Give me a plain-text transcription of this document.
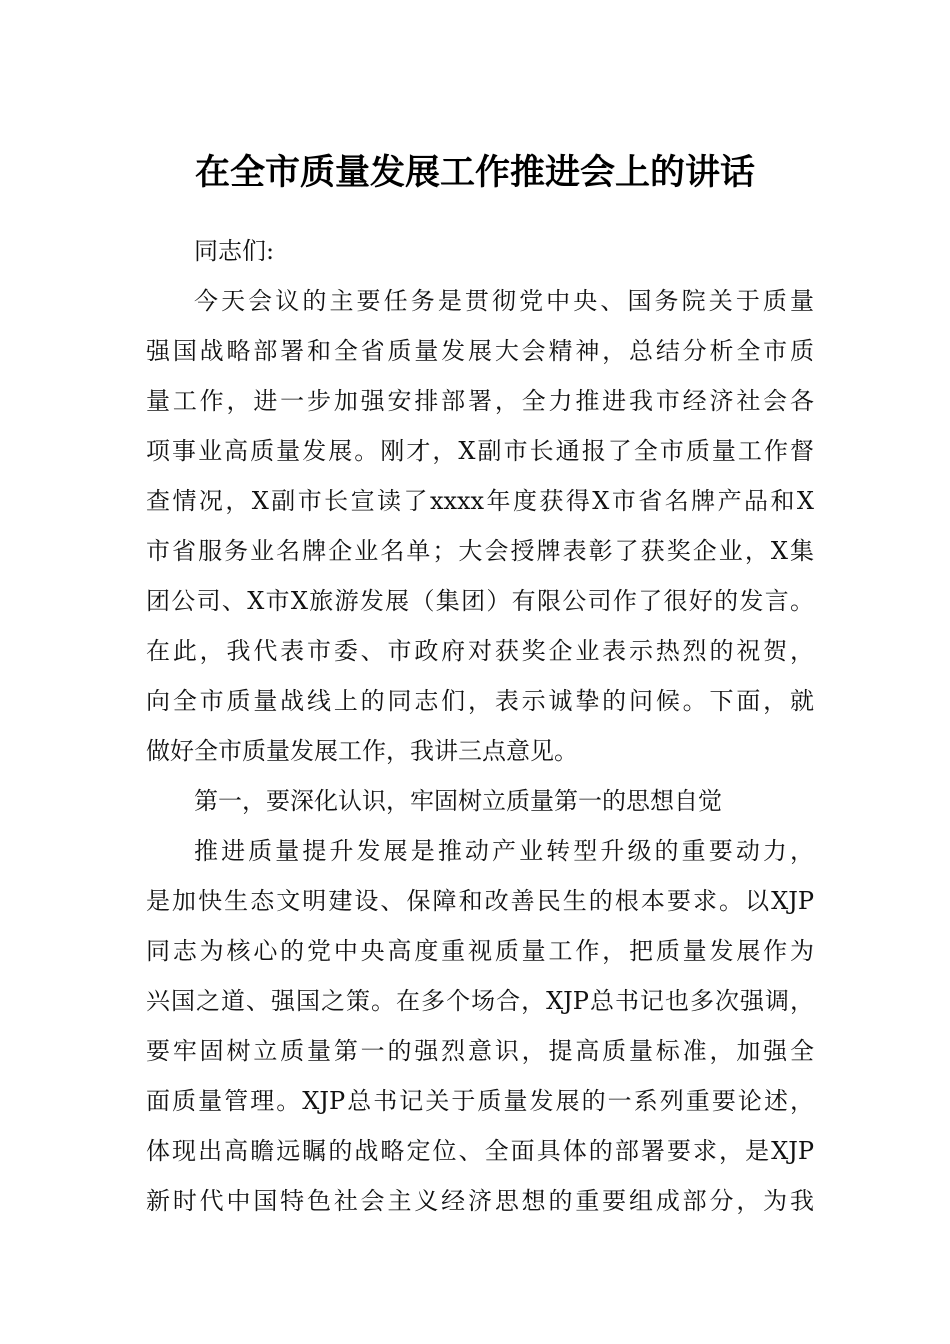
在全市质量发展工作推进会上的讲话
同志们:
今天会议的主要任务是贯彻党中央、国务院关于质量
强国战略部署和全省质量发展大会精神，总结分析全市质
量工作，进一步加强安排部署，全力推进我市经济社会各
项事业高质量发展。刚才，X副市长通报了全市质量工作督
查情况，X副市长宣读了xxxx年度获得X市省名牌产品和X
市省服务业名牌企业名单；大会授牌表彰了获奖企业，X集
团公司、X市X旅游发展（集团）有限公司作了很好的发言。
在此，我代表市委、市政府对获奖企业表示热烈的祝贺，
向全市质量战线上的同志们，表示诚挚的问候。下面，就
做好全市质量发展工作，我讲三点意见。
第一，要深化认识，牢固树立质量第一的思想自觉
推进质量提升发展是推动产业转型升级的重要动力，
是加快生态文明建设、保障和改善民生的根本要求。以XJP
同志为核心的党中央高度重视质量工作，把质量发展作为
兴国之道、强国之策。在多个场合，XJP总书记也多次强调，
要牢固树立质量第一的强烈意识，提高质量标准，加强全
面质量管理。XJP总书记关于质量发展的一系列重要论述，
体现出高瞻远瞩的战略定位、全面具体的部署要求，是XJP
新时代中国特色社会主义经济思想的重要组成部分，为我
